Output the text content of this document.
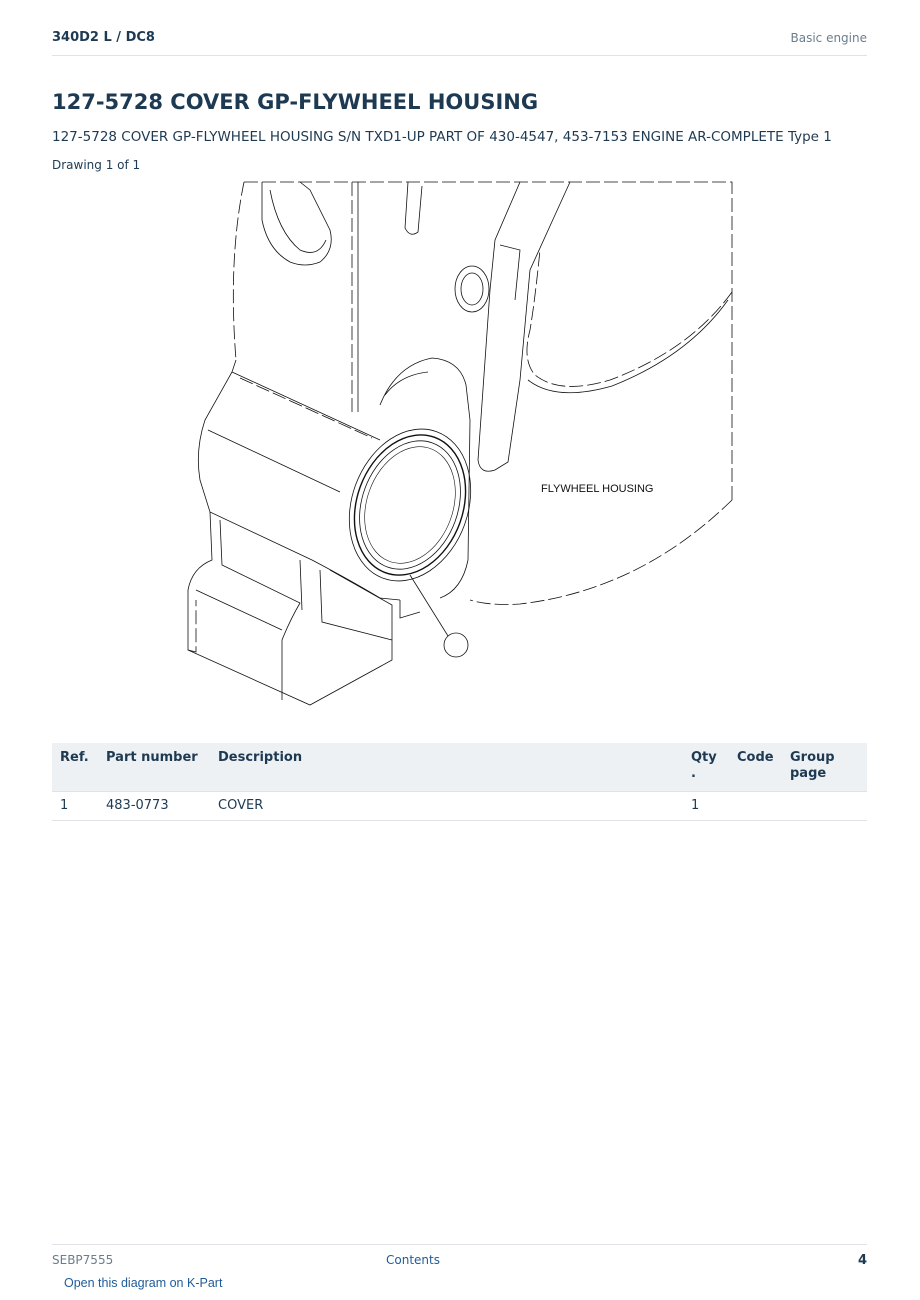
340D2 L / DC8	Basic engine
127-5728 COVER GP-FLYWHEEL HOUSING
127-5728 COVER GP-FLYWHEEL HOUSING S/N TXD1-UP PART OF 430-4547, 453-7153 ENGINE AR-COMPLETE Type 1
Drawing 1 of 1
FLYWHEEL HOUSING
Ref.	Part number	Description	Qty .	Code	Group page
1	483-0773	COVER	1		
SEBP7555	Contents	4
Open this diagram on K-Part
